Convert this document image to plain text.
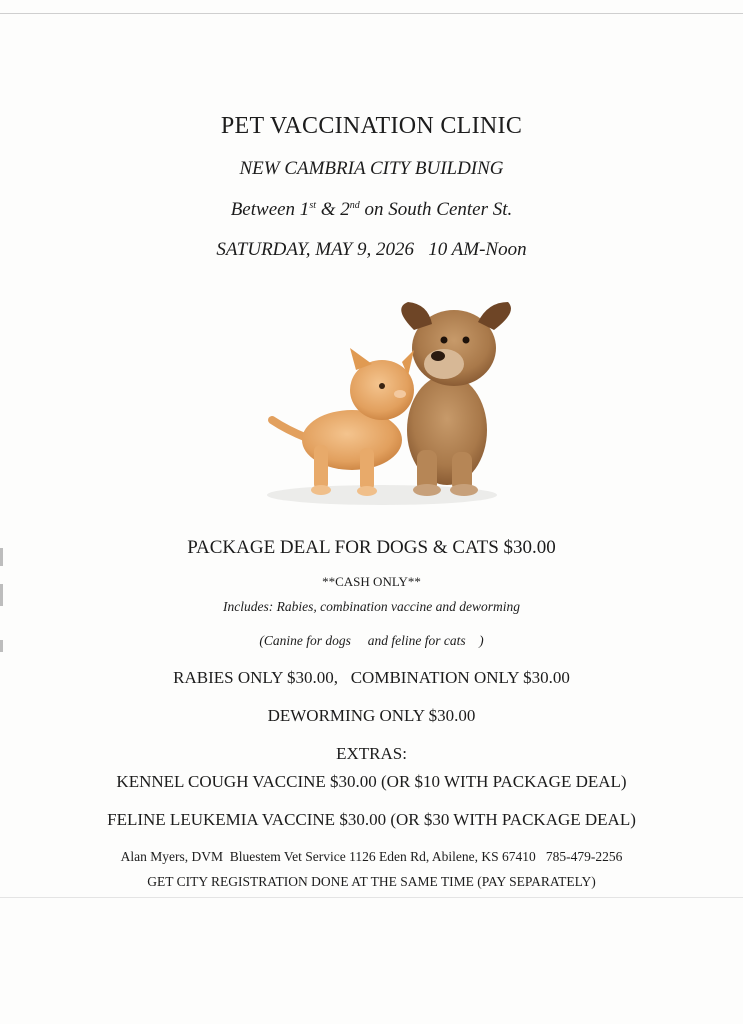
PET VACCINATION CLINIC
NEW CAMBRIA CITY BUILDING
Between 1st & 2nd on South Center St.
SATURDAY, MAY 9, 2026   10 AM-Noon
PACKAGE DEAL FOR DOGS & CATS $30.00
**CASH ONLY**
Includes: Rabies, combination vaccine and deworming
(Canine for dogs     and feline for cats    )
RABIES ONLY $30.00,   COMBINATION ONLY $30.00
DEWORMING ONLY $30.00
EXTRAS:
KENNEL COUGH VACCINE $30.00 (OR $10 WITH PACKAGE DEAL)
FELINE LEUKEMIA VACCINE $30.00 (OR $30 WITH PACKAGE DEAL)
Alan Myers, DVM  Bluestem Vet Service 1126 Eden Rd, Abilene, KS 67410   785-479-2256
GET CITY REGISTRATION DONE AT THE SAME TIME (PAY SEPARATELY)
